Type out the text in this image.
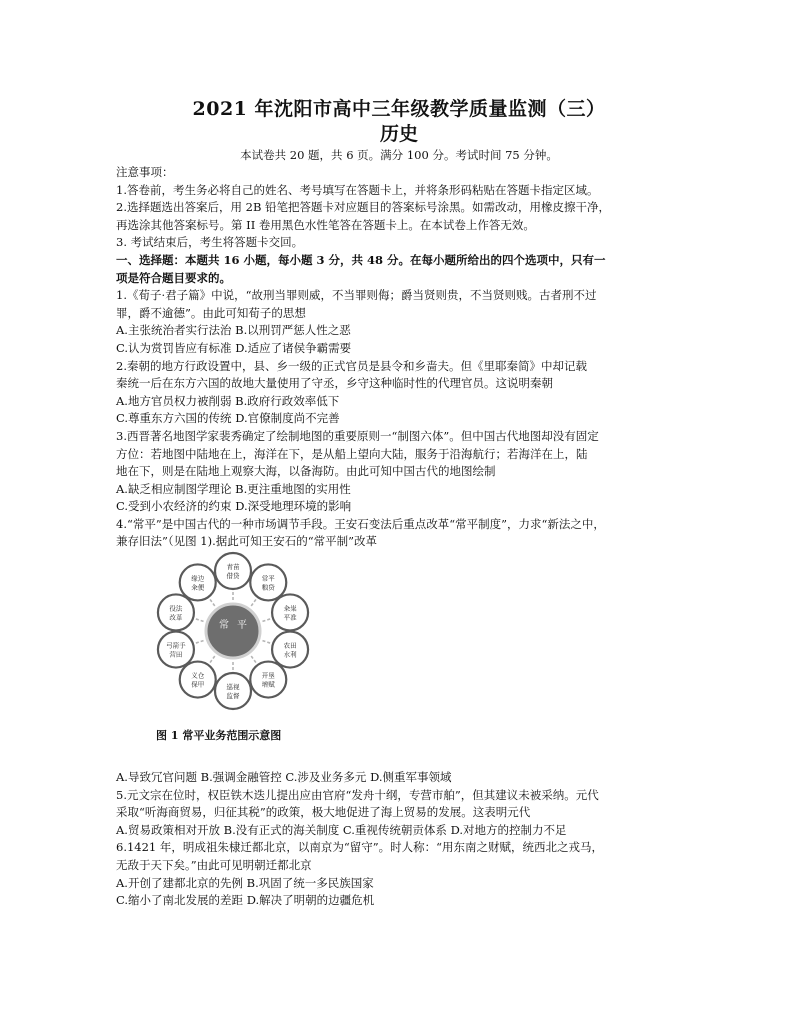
2021 年沈阳市高中三年级教学质量监测（三）
历史
本试卷共 20 题，共 6 页。满分 100 分。考试时间 75 分钟。
注意事项：
1.答卷前，考生务必将自己的姓名、考号填写在答题卡上，并将条形码粘贴在答题卡指定区域。
2.选择题选出答案后，用 2B 铅笔把答题卡对应题目的答案标号涂黑。如需改动，用橡皮擦干净，
再选涂其他答案标号。第 II 卷用黑色水性笔答在答题卡上。在本试卷上作答无效。
3. 考试结束后，考生将答题卡交回。
一、选择题：本题共 16 小题，每小题 3 分，共 48 分。在每小题所给出的四个选项中，只有一
项是符合题目要求的。
1.《荀子·君子篇》中说，“故刑当罪则威，不当罪则侮；爵当贤则贵，不当贤则贱。古者刑不过
罪，爵不逾德”。由此可知荀子的思想
A.主张统治者实行法治 B.以刑罚严惩人性之恶
C.认为赏罚皆应有标准 D.适应了诸侯争霸需要
2.秦朝的地方行政设置中，县、乡一级的正式官员是县令和乡啬夫。但《里耶秦简》中却记载
秦统一后在东方六国的故地大量使用了守丞，乡守这种临时性的代理官员。这说明秦朝
A.地方官员权力被削弱 B.政府行政效率低下
C.尊重东方六国的传统 D.官僚制度尚不完善
3.西晋著名地图学家裴秀确定了绘制地图的重要原则一“制图六体”。但中国古代地图却没有固定
方位：若地图中陆地在上，海洋在下，是从船上望向大陆，服务于沿海航行；若海洋在上，陆
地在下，则是在陆地上观察大海，以备海防。由此可知中国古代的地图绘制
A.缺乏相应制图学理论 B.更注重地图的实用性
C.受到小农经济的约束 D.深受地理环境的影响
4.“常平”是中国古代的一种市场调节手段。王安石变法后重点改革“常平制度”，力求“新法之中，
兼存旧法”（见图 1).据此可知王安石的“常平制”改革
常 平
青苗
借贷	常平
粮贷
籴粜
平准
农田
水利
开垦
增赋
巡视
监督
义仓
保甲
弓箭手
营田
役法
改革
缘边
籴便
图 1 常平业务范围示意图
A.导致冗官问题 B.强调金融管控 C.涉及业务多元 D.侧重军事领域
5.元文宗在位时，权臣铁木迭儿提出应由官府“发舟十纲，专营市舶”，但其建议未被采纳。元代
采取“听海商贸易，归征其税”的政策，极大地促进了海上贸易的发展。这表明元代
A.贸易政策相对开放 B.没有正式的海关制度 C.重视传统朝贡体系 D.对地方的控制力不足
6.1421 年，明成祖朱棣迁都北京，以南京为“留守”。时人称：“用东南之财赋，统西北之戎马，
无敌于天下矣。”由此可见明朝迁都北京
A.开创了建都北京的先例 B.巩固了统一多民族国家
C.缩小了南北发展的差距 D.解决了明朝的边疆危机
